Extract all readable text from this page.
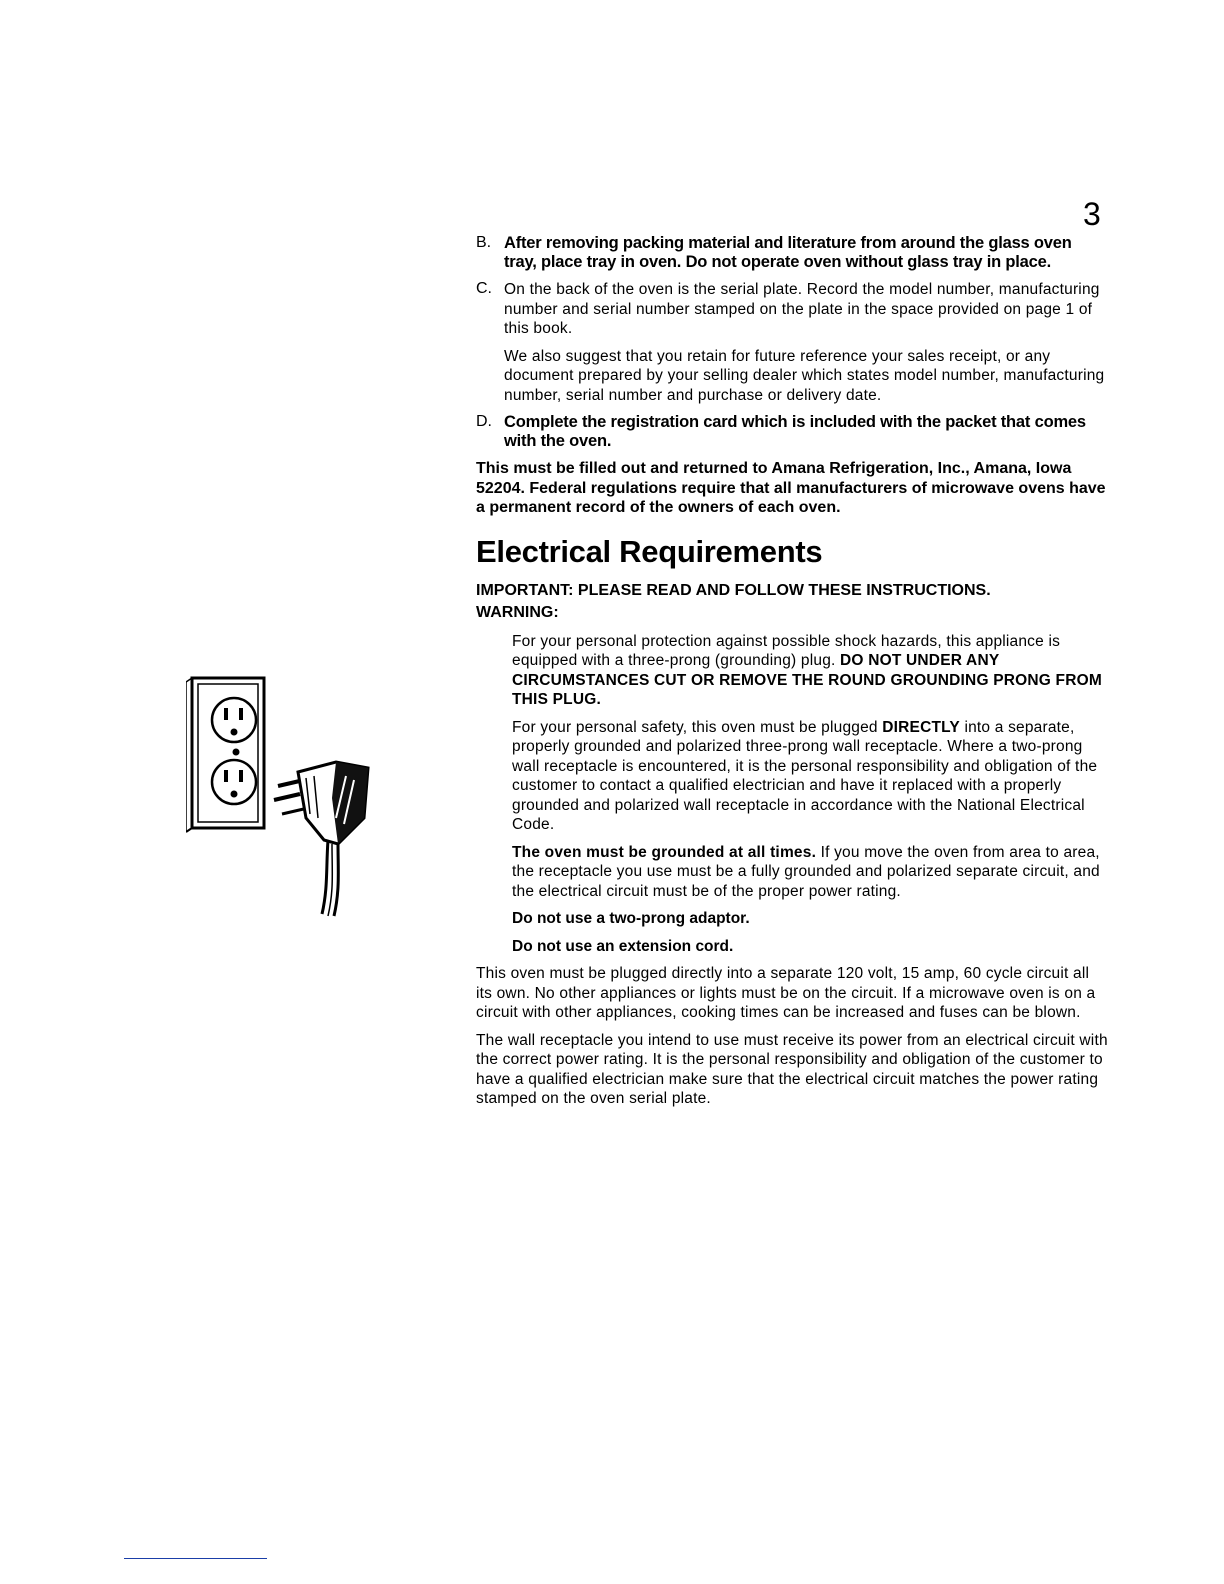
3
B. After removing packing material and literature from around the glass oven tray, place tray in oven. Do not operate oven without glass tray in place.

C. On the back of the oven is the serial plate. Record the model number, manufacturing number and serial number stamped on the plate in the space provided on page 1 of this book.

We also suggest that you retain for future reference your sales receipt, or any document prepared by your selling dealer which states model number, manufacturing number, serial number and purchase or delivery date.

D. Complete the registration card which is included with the packet that comes with the oven.

This must be filled out and returned to Amana Refrigeration, Inc., Amana, Iowa 52204. Federal regulations require that all manufacturers of microwave ovens have a permanent record of the owners of each oven.

Electrical Requirements
IMPORTANT: PLEASE READ AND FOLLOW THESE INSTRUCTIONS.
WARNING:

For your personal protection against possible shock hazards, this appliance is equipped with a three-prong (grounding) plug. DO NOT UNDER ANY CIRCUMSTANCES CUT OR REMOVE THE ROUND GROUNDING PRONG FROM THIS PLUG.

For your personal safety, this oven must be plugged DIRECTLY into a separate, properly grounded and polarized three-prong wall receptacle. Where a two-prong wall receptacle is encountered, it is the personal responsibility and obligation of the customer to contact a qualified electrician and have it replaced with a properly grounded and polarized wall receptacle in accordance with the National Electrical Code.

The oven must be grounded at all times. If you move the oven from area to area, the receptacle you use must be a fully grounded and polarized separate circuit, and the electrical circuit must be of the proper power rating.

Do not use a two-prong adaptor.

Do not use an extension cord.

This oven must be plugged directly into a separate 120 volt, 15 amp, 60 cycle circuit all its own. No other appliances or lights must be on the circuit. If a microwave oven is on a circuit with other appliances, cooking times can be increased and fuses can be blown.

The wall receptacle you intend to use must receive its power from an electrical circuit with the correct power rating. It is the personal responsibility and obligation of the customer to have a qualified electrician make sure that the electrical circuit matches the power rating stamped on the oven serial plate.
